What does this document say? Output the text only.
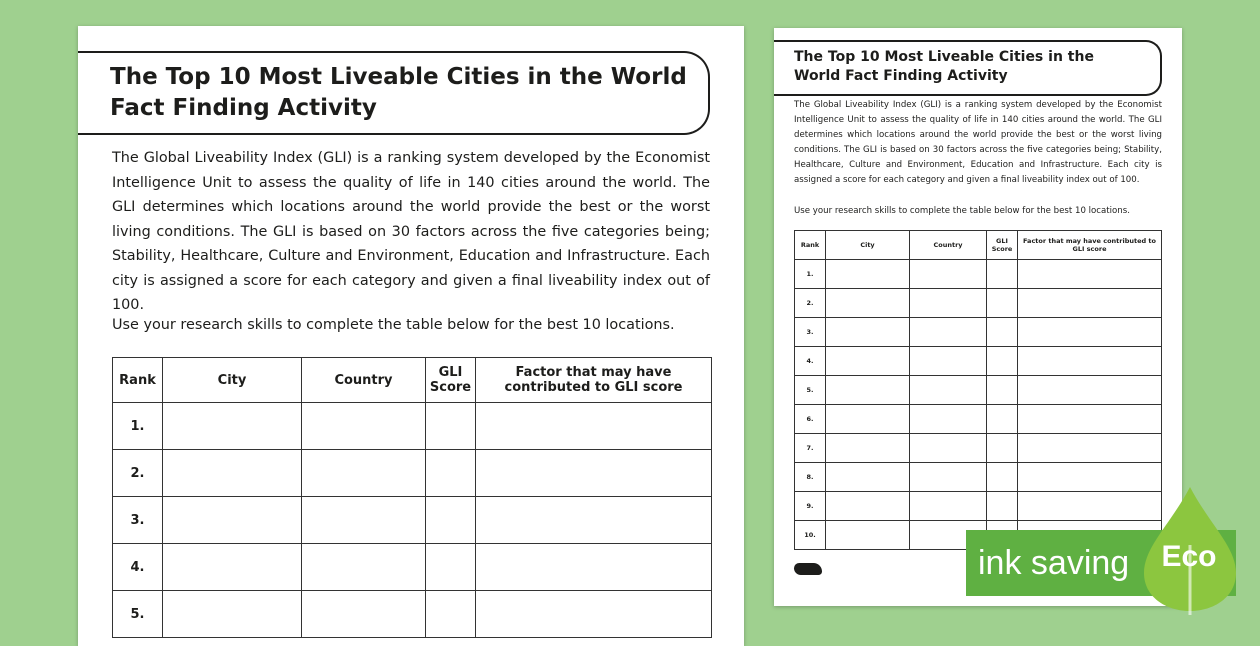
The Top 10 Most Liveable Cities in the World Fact Finding Activity
The Global Liveability Index (GLI) is a ranking system developed by the Economist Intelligence Unit to assess the quality of life in 140 cities around the world. The GLI determines which locations around the world provide the best or the worst living conditions. The GLI is based on 30 factors across the five categories being; Stability, Healthcare, Culture and Environment, Education and Infrastructure. Each city is assigned a score for each category and given a final liveability index out of 100.
Use your research skills to complete the table below for the best 10 locations.
Rank	City	Country	GLI Score	Factor that may have contributed to GLI score
1.				
2.				
3.				
4.				
5.				
The Top 10 Most Liveable Cities in the World Fact Finding Activity
The Global Liveability Index (GLI) is a ranking system developed by the Economist Intelligence Unit to assess the quality of life in 140 cities around the world. The GLI determines which locations around the world provide the best or the worst living conditions. The GLI is based on 30 factors across the five categories being; Stability, Healthcare, Culture and Environment, Education and Infrastructure. Each city is assigned a score for each category and given a final liveability index out of 100.
Use your research skills to complete the table below for the best 10 locations.
Rank	City	Country	GLI Score	Factor that may have contributed to GLI score
1.				
2.				
3.				
4.				
5.				
6.				
7.				
8.				
9.				
10.				
ink saving Eco
